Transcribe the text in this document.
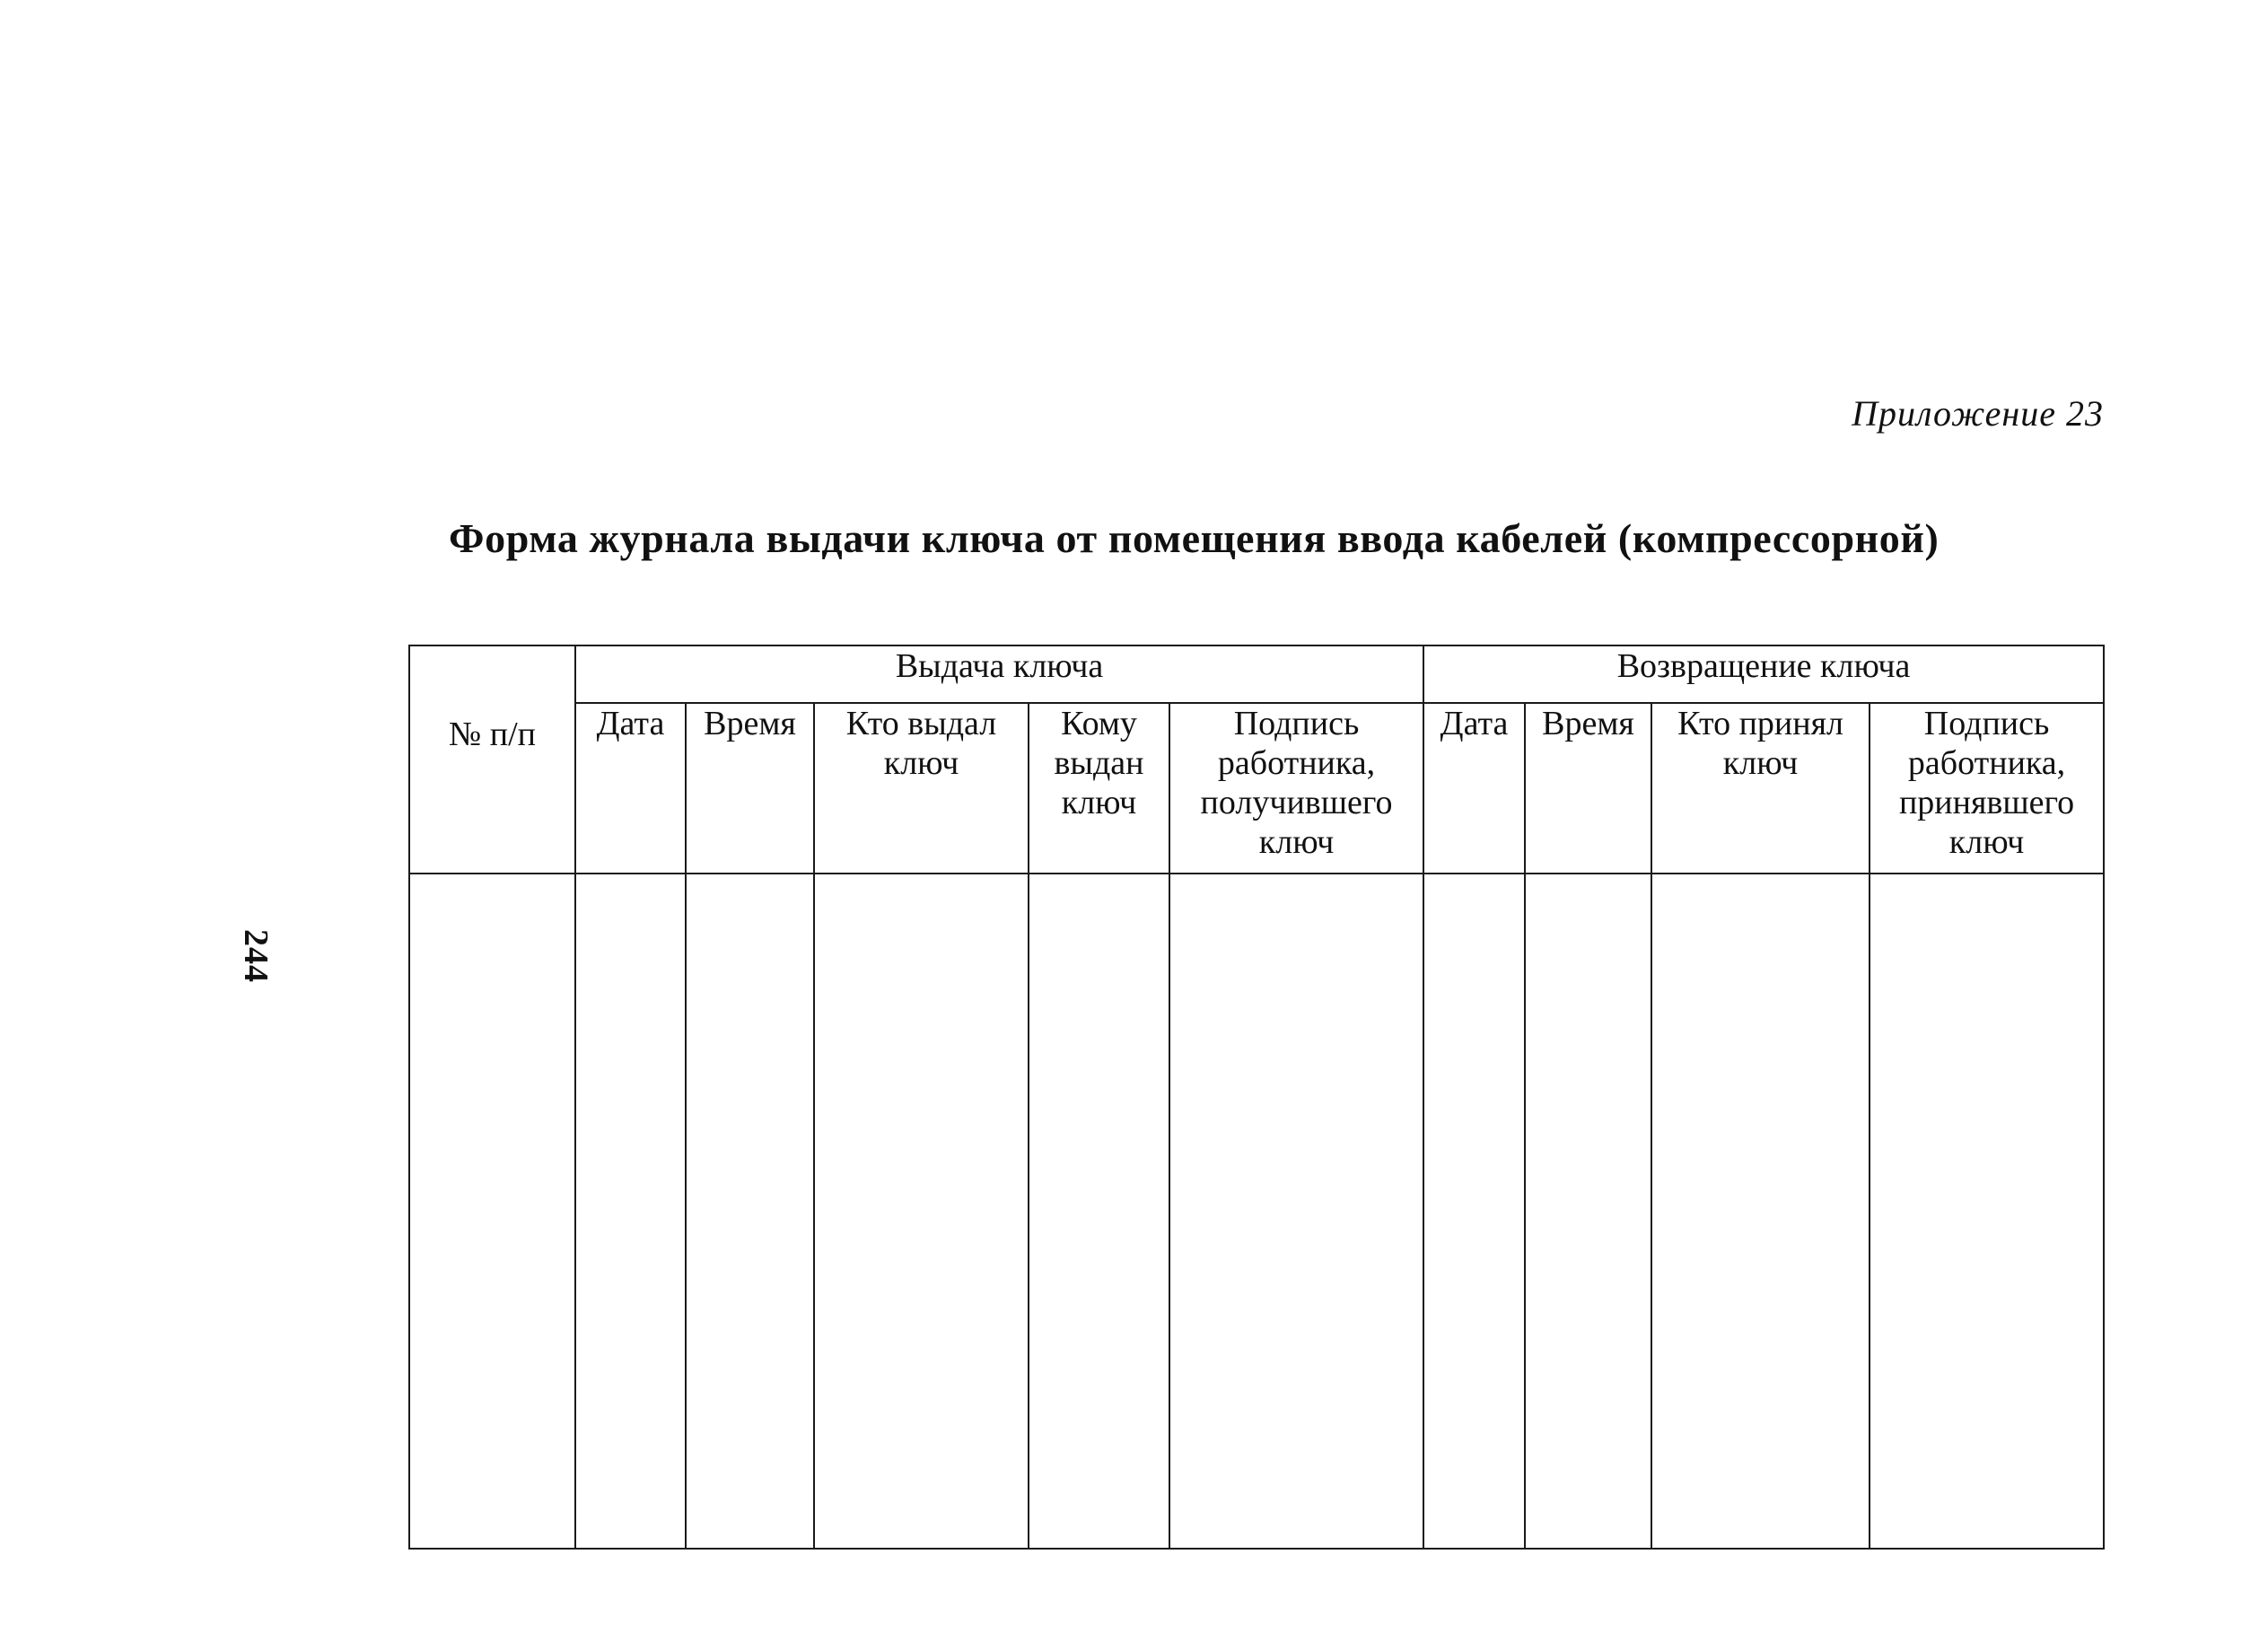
Приложение 23
Форма журнала выдачи ключа от помещения ввода кабелей (компрессорной)
244
№ п/п	Выдача ключа					Возвращение ключа			
	Дата	Время	Кто выдал ключ	Кому выдан ключ	Подпись работника, получившего ключ	Дата	Время	Кто принял ключ	Подпись работника, принявшего ключ
